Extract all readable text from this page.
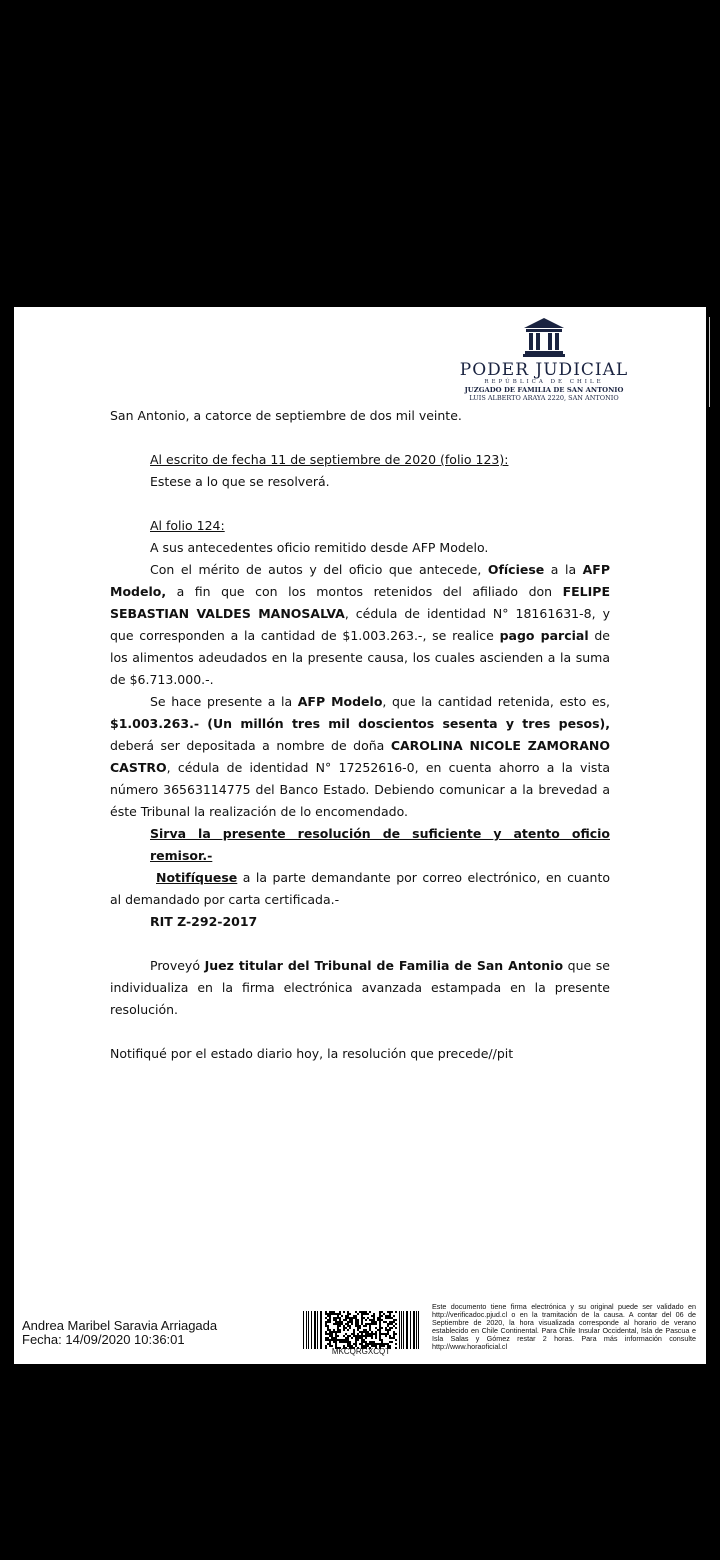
PODER JUDICIAL
REPÚBLICA DE CHILE
JUZGADO DE FAMILIA DE SAN ANTONIO
LUIS ALBERTO ARAYA 2220, SAN ANTONIO

San Antonio, a catorce de septiembre de dos mil veinte.

Al escrito de fecha 11 de septiembre de 2020 (folio 123):

Estese a lo que se resolverá.

Al folio 124:

A sus antecedentes oficio remitido desde AFP Modelo.

Con el mérito de autos y del oficio que antecede, Ofíciese a la AFP Modelo, a fin que con los montos retenidos del afiliado don FELIPE SEBASTIAN VALDES MANOSALVA, cédula de identidad N° 18161631-8, y que corresponden a la cantidad de $1.003.263.-, se realice pago parcial de los alimentos adeudados en la presente causa, los cuales ascienden a la suma de $6.713.000.-.

Se hace presente a la AFP Modelo, que la cantidad retenida, esto es, $1.003.263.- (Un millón tres mil doscientos sesenta y tres pesos), deberá ser depositada a nombre de doña CAROLINA NICOLE ZAMORANO CASTRO, cédula de identidad N° 17252616-0, en cuenta ahorro a la vista número 36563114775 del Banco Estado. Debiendo comunicar a la brevedad a éste Tribunal la realización de lo encomendado.

Sirva la presente resolución de suficiente y atento oficio remisor.-

Notifíquese a la parte demandante por correo electrónico, en cuanto al demandado por carta certificada.-

RIT Z-292-2017

Proveyó Juez titular del Tribunal de Familia de San Antonio que se individualiza en la firma electrónica avanzada estampada en la presente resolución.

Notifiqué por el estado diario hoy, la resolución que precede//pit

Andrea Maribel Saravia Arriagada
Fecha: 14/09/2020 10:36:01
MKCQRGXCQT
Este documento tiene firma electrónica y su original puede ser validado en http://verificadoc.pjud.cl o en la tramitación de la causa. A contar del 06 de Septiembre de 2020, la hora visualizada corresponde al horario de verano establecido en Chile Continental. Para Chile Insular Occidental, Isla de Pascua e Isla Salas y Gómez restar 2 horas. Para más información consulte http://www.horaoficial.cl
